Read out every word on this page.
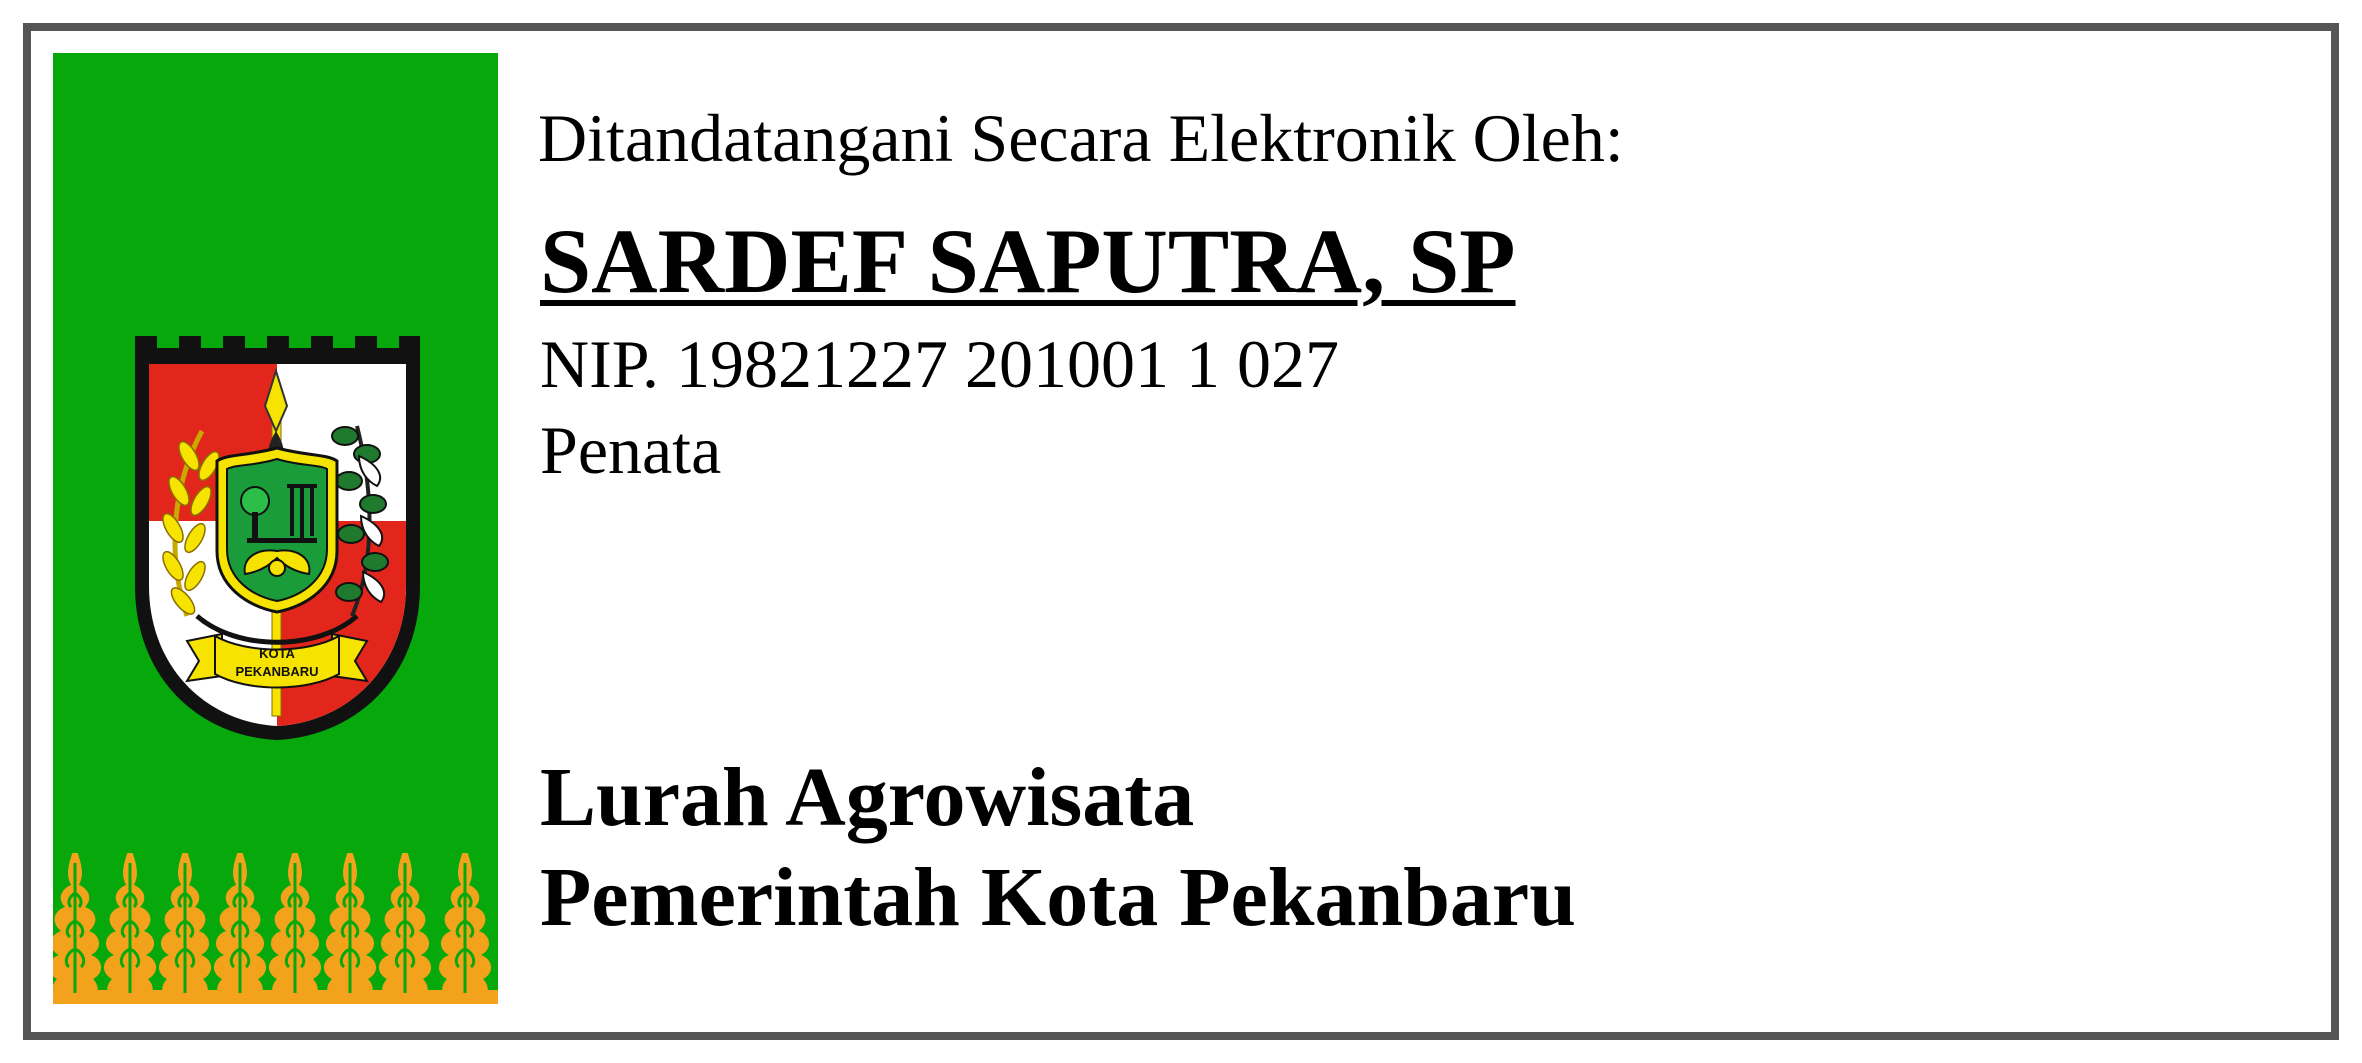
KOTA
PEKANBARU
Ditandatangani Secara Elektronik Oleh:
SARDEF SAPUTRA, SP
NIP. 19821227 201001 1 027
Penata
Lurah Agrowisata
Pemerintah Kota Pekanbaru
